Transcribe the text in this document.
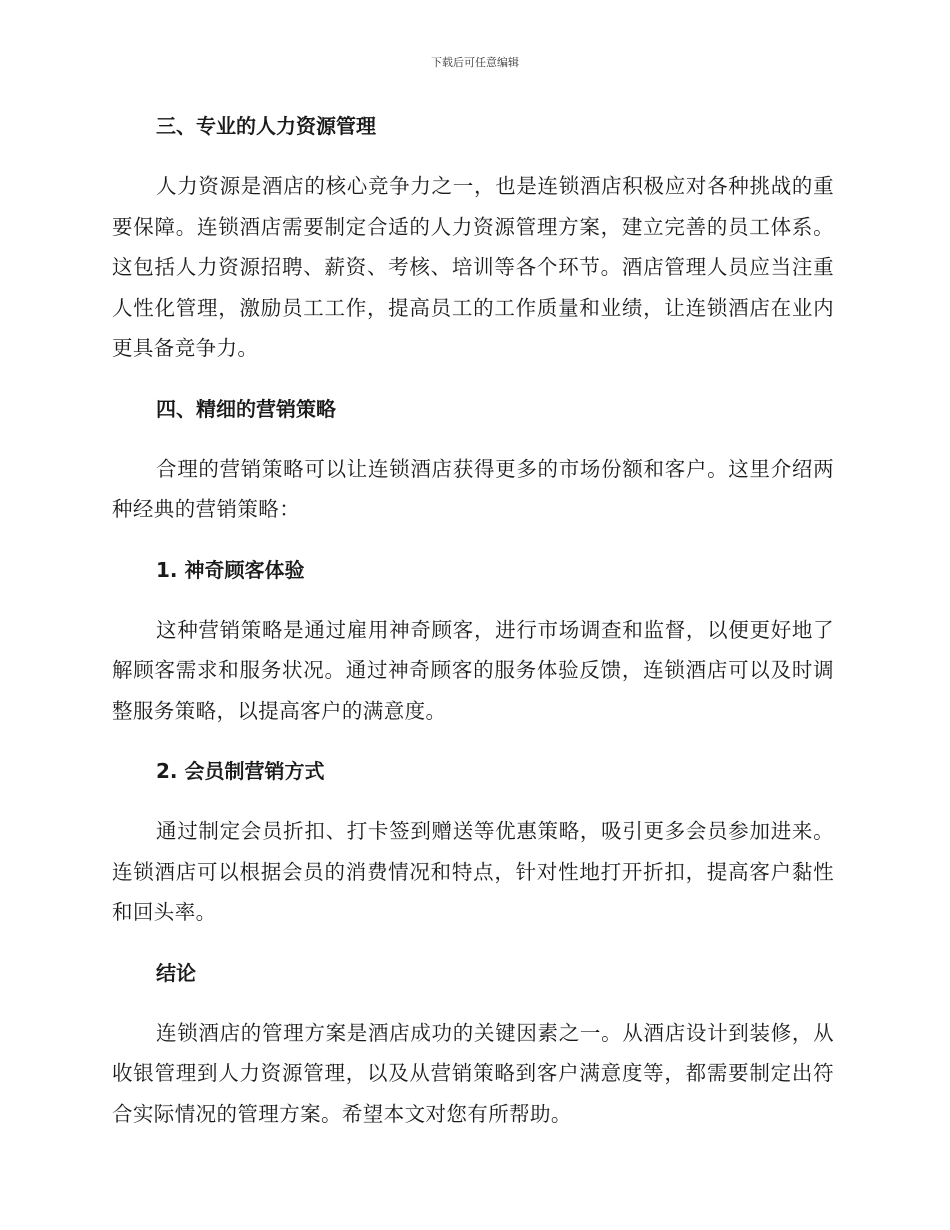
下载后可任意编辑
三、专业的人力资源管理

人力资源是酒店的核心竞争力之一，也是连锁酒店积极应对各种挑战的重要保障。连锁酒店需要制定合适的人力资源管理方案，建立完善的员工体系。这包括人力资源招聘、薪资、考核、培训等各个环节。酒店管理人员应当注重人性化管理，激励员工工作，提高员工的工作质量和业绩，让连锁酒店在业内更具备竞争力。

四、精细的营销策略

合理的营销策略可以让连锁酒店获得更多的市场份额和客户。这里介绍两种经典的营销策略：

1. 神奇顾客体验

这种营销策略是通过雇用神奇顾客，进行市场调查和监督，以便更好地了解顾客需求和服务状况。通过神奇顾客的服务体验反馈，连锁酒店可以及时调整服务策略，以提高客户的满意度。

2. 会员制营销方式

通过制定会员折扣、打卡签到赠送等优惠策略，吸引更多会员参加进来。连锁酒店可以根据会员的消费情况和特点，针对性地打开折扣，提高客户黏性和回头率。

结论

连锁酒店的管理方案是酒店成功的关键因素之一。从酒店设计到装修，从收银管理到人力资源管理，以及从营销策略到客户满意度等，都需要制定出符合实际情况的管理方案。希望本文对您有所帮助。
